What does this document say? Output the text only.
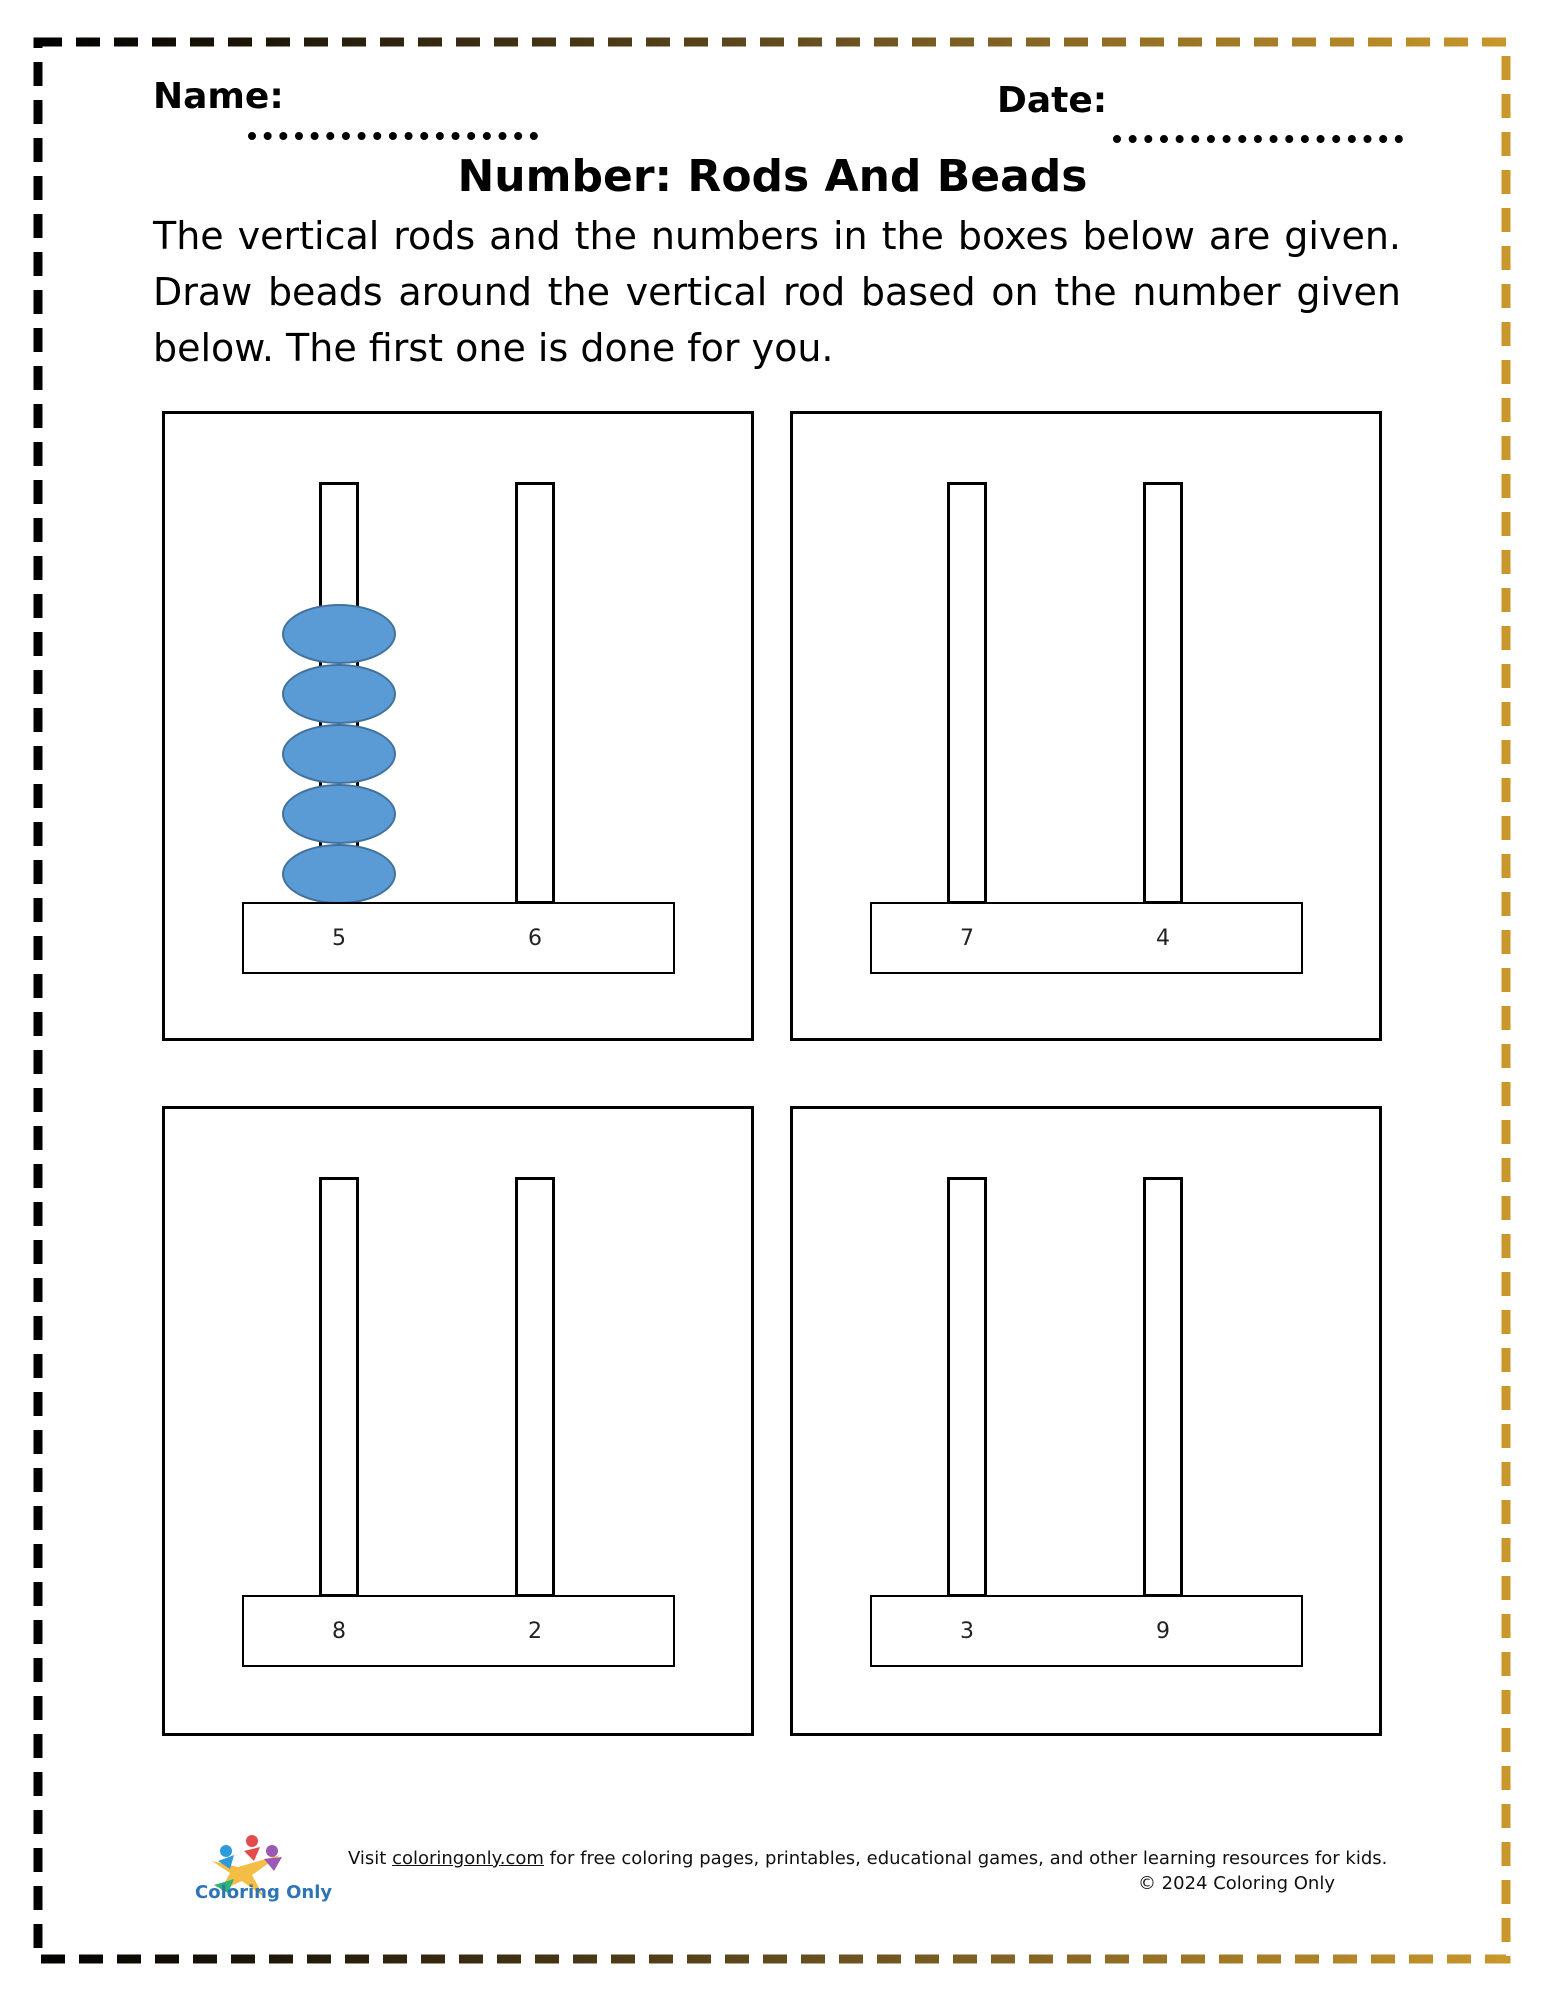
Name:	Date:
Number: Rods And Beads
The vertical rods and the numbers in the boxes below are given. Draw beads around the vertical rod based on the number given below. The first one is done for you.
5	6	7	4
8	2	3	9
Coloring Only
Visit coloringonly.com for free coloring pages, printables, educational games, and other learning resources for kids.
© 2024 Coloring Only
